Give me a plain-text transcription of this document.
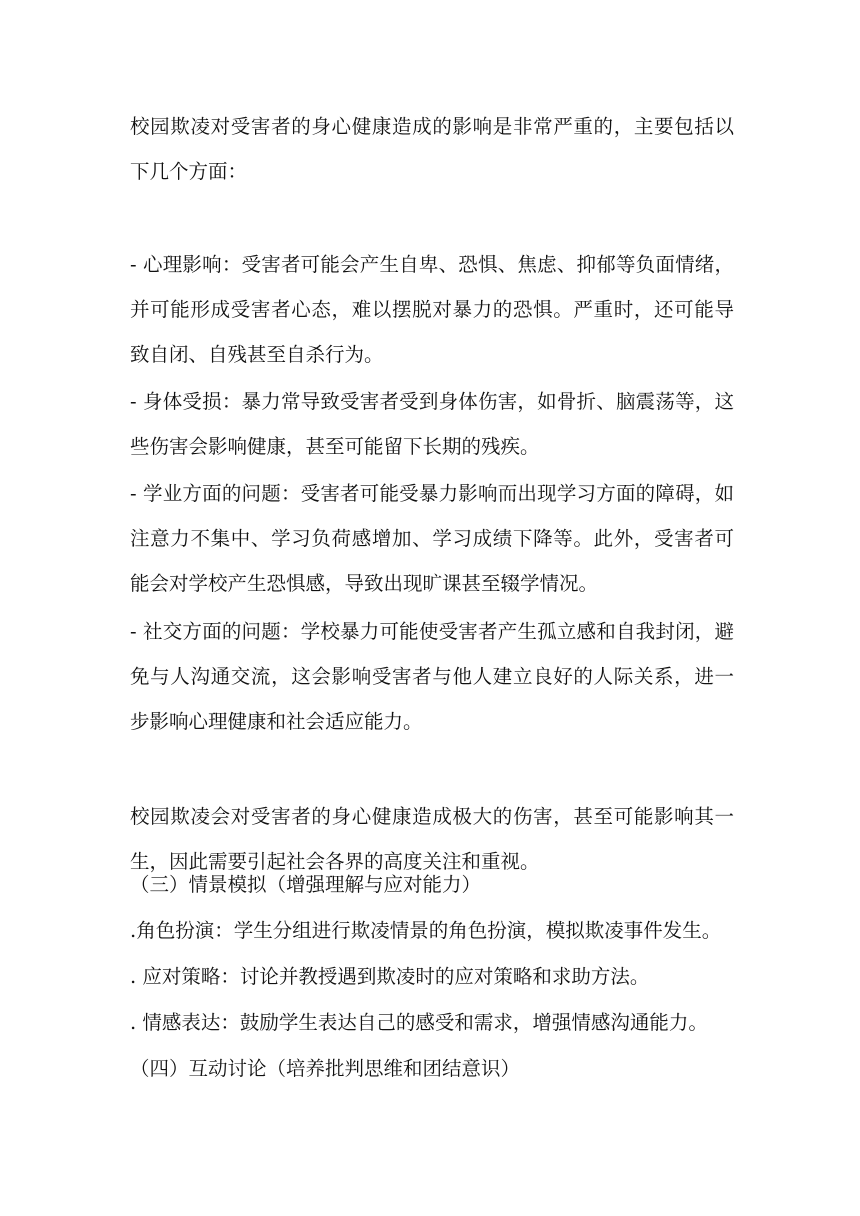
校园欺凌对受害者的身心健康造成的影响是非常严重的，主要包括以下几个方面：

- 心理影响：受害者可能会产生自卑、恐惧、焦虑、抑郁等负面情绪，并可能形成受害者心态，难以摆脱对暴力的恐惧。严重时，还可能导致自闭、自残甚至自杀行为。

- 身体受损：暴力常导致受害者受到身体伤害，如骨折、脑震荡等，这些伤害会影响健康，甚至可能留下长期的残疾。

- 学业方面的问题：受害者可能受暴力影响而出现学习方面的障碍，如注意力不集中、学习负荷感增加、学习成绩下降等。此外，受害者可能会对学校产生恐惧感，导致出现旷课甚至辍学情况。

- 社交方面的问题：学校暴力可能使受害者产生孤立感和自我封闭，避免与人沟通交流，这会影响受害者与他人建立良好的人际关系，进一步影响心理健康和社会适应能力。

校园欺凌会对受害者的身心健康造成极大的伤害，甚至可能影响其一生，因此需要引起社会各界的高度关注和重视。

（三）情景模拟（增强理解与应对能力）

.角色扮演：学生分组进行欺凌情景的角色扮演，模拟欺凌事件发生。

. 应对策略：讨论并教授遇到欺凌时的应对策略和求助方法。

. 情感表达：鼓励学生表达自己的感受和需求，增强情感沟通能力。

（四）互动讨论（培养批判思维和团结意识）
